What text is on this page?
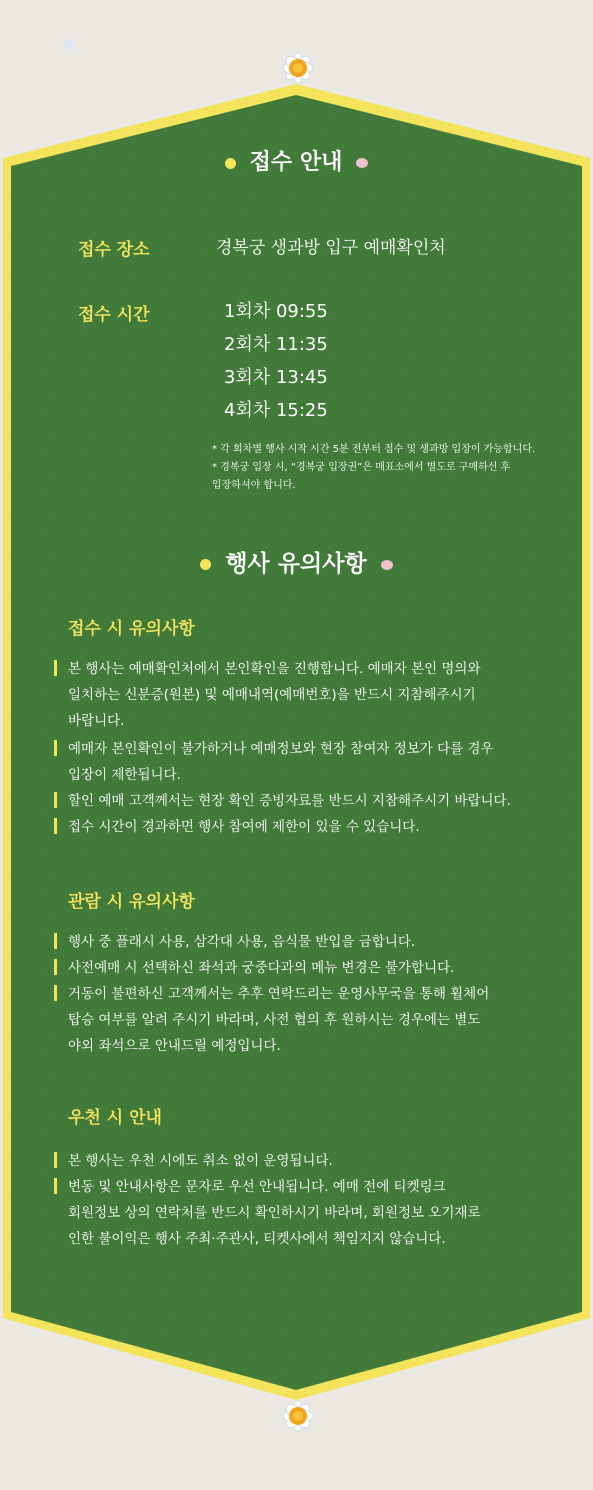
접수 안내
접수 장소	경복궁 생과방 입구 예매확인처
접수 시간	1회차 09:55
2회차 11:35
3회차 13:45
4회차 15:25
* 각 회차별 행사 시작 시간 5분 전부터 접수 및 생과방 입장이 가능합니다.
* 경복궁 입장 시, “경복궁 입장권”은 매표소에서 별도로 구매하신 후
입장하셔야 합니다.
행사 유의사항
접수 시 유의사항
본 행사는 예매확인처에서 본인확인을 진행합니다. 예매자 본인 명의와
일치하는 신분증(원본) 및 예매내역(예매번호)을 반드시 지참해주시기
바랍니다.
예매자 본인확인이 불가하거나 예매정보와 현장 참여자 정보가 다를 경우
입장이 제한됩니다.
할인 예매 고객께서는 현장 확인 증빙자료를 반드시 지참해주시기 바랍니다.
접수 시간이 경과하면 행사 참여에 제한이 있을 수 있습니다.
관람 시 유의사항
행사 중 플래시 사용, 삼각대 사용, 음식물 반입을 금합니다.
사전예매 시 선택하신 좌석과 궁중다과의 메뉴 변경은 불가합니다.
거동이 불편하신 고객께서는 추후 연락드리는 운영사무국을 통해 휠체어
탑승 여부를 알려 주시기 바라며, 사전 협의 후 원하시는 경우에는 별도
야외 좌석으로 안내드릴 예정입니다.
우천 시 안내
본 행사는 우천 시에도 취소 없이 운영됩니다.
변동 및 안내사항은 문자로 우선 안내됩니다. 예매 전에 티켓링크
회원정보 상의 연락처를 반드시 확인하시기 바라며, 회원정보 오기재로
인한 불이익은 행사 주최·주관사, 티켓사에서 책임지지 않습니다.
